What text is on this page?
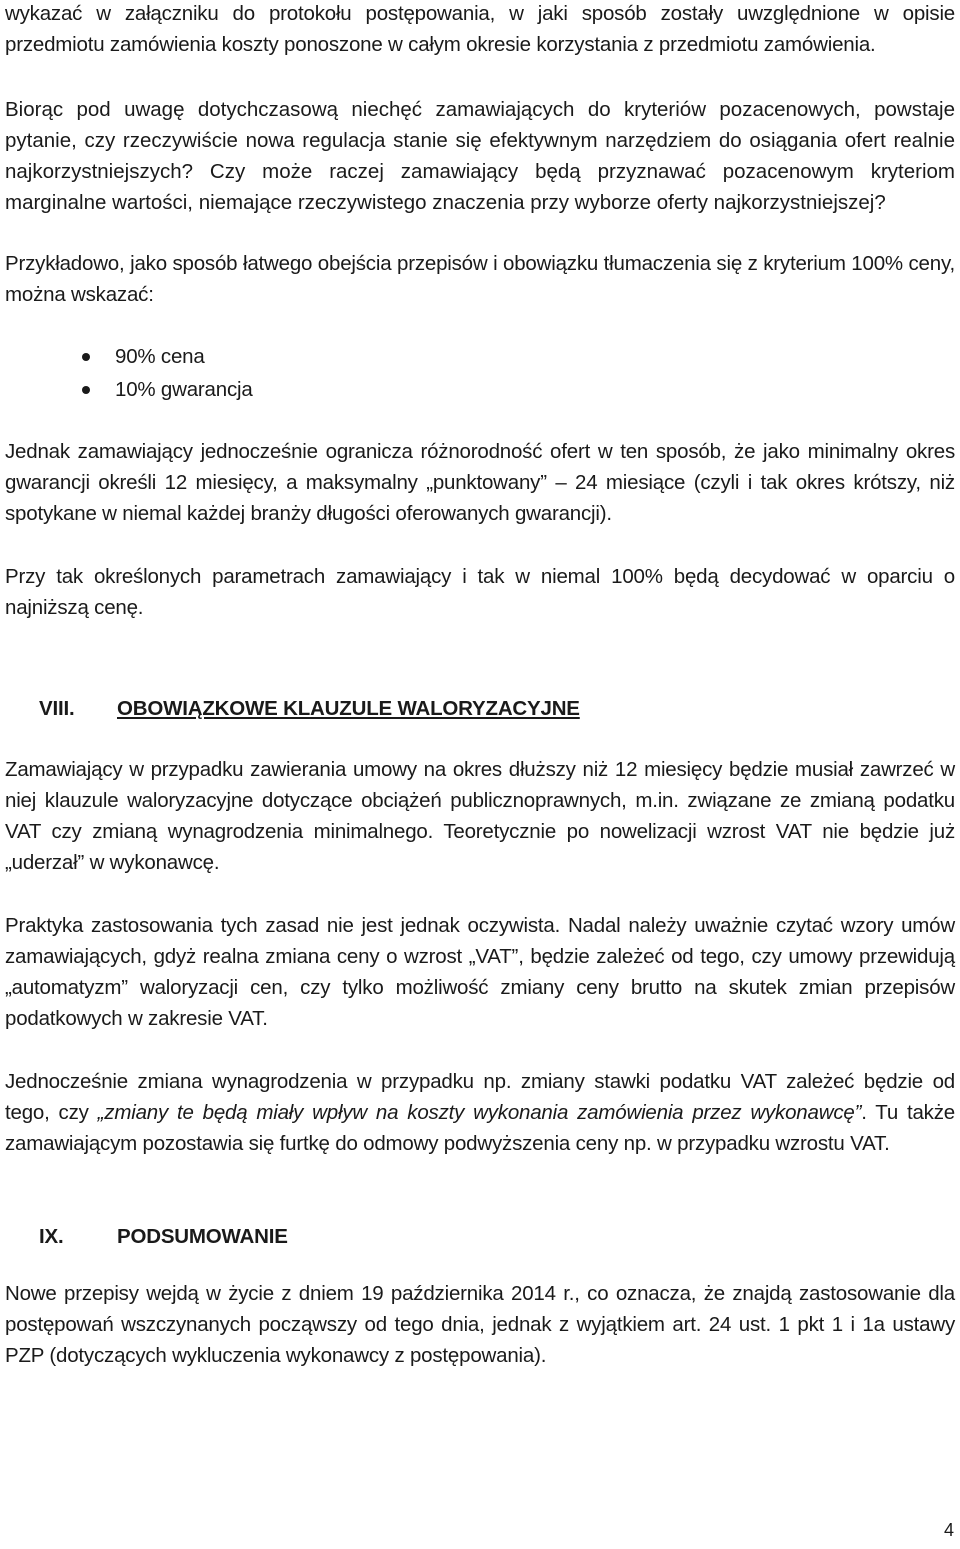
wykazać w załączniku do protokołu postępowania, w jaki sposób zostały uwzględnione w opisie przedmiotu zamówienia koszty ponoszone w całym okresie korzystania z przedmiotu zamówienia.

Biorąc pod uwagę dotychczasową niechęć zamawiających do kryteriów pozacenowych, powstaje pytanie, czy rzeczywiście nowa regulacja stanie się efektywnym narzędziem do osiągania ofert realnie najkorzystniejszych? Czy może raczej zamawiający będą przyznawać pozacenowym kryteriom marginalne wartości, niemające rzeczywistego znaczenia przy wyborze oferty najkorzystniejszej?

Przykładowo, jako sposób łatwego obejścia przepisów i obowiązku tłumaczenia się z kryterium 100% ceny, można wskazać:

90% cena
10% gwarancja

Jednak zamawiający jednocześnie ogranicza różnorodność ofert w ten sposób, że jako minimalny okres gwarancji określi 12 miesięcy, a maksymalny „punktowany” – 24 miesiące (czyli i tak okres krótszy, niż spotykane w niemal każdej branży długości oferowanych gwarancji).

Przy tak określonych parametrach zamawiający i tak w niemal 100% będą decydować w oparciu o najniższą cenę.

VIII.	OBOWIĄZKOWE KLAUZULE WALORYZACYJNE

Zamawiający w przypadku zawierania umowy na okres dłuższy niż 12 miesięcy będzie musiał zawrzeć w niej klauzule waloryzacyjne dotyczące obciążeń publicznoprawnych, m.in. związane ze zmianą podatku VAT czy zmianą wynagrodzenia minimalnego. Teoretycznie po nowelizacji wzrost VAT nie będzie już „uderzał” w wykonawcę.

Praktyka zastosowania tych zasad nie jest jednak oczywista. Nadal należy uważnie czytać wzory umów zamawiających, gdyż realna zmiana ceny o wzrost „VAT”, będzie zależeć od tego, czy umowy przewidują „automatyzm” waloryzacji cen, czy tylko możliwość zmiany ceny brutto na skutek zmian przepisów podatkowych w zakresie VAT.

Jednocześnie zmiana wynagrodzenia w przypadku np. zmiany stawki podatku VAT zależeć będzie od tego, czy „zmiany te będą miały wpływ na koszty wykonania zamówienia przez wykonawcę”. Tu także zamawiającym pozostawia się furtkę do odmowy podwyższenia ceny np. w przypadku wzrostu VAT.

IX.	PODSUMOWANIE

Nowe przepisy wejdą w życie z dniem 19 października 2014 r., co oznacza, że znajdą zastosowanie dla postępowań wszczynanych począwszy od tego dnia, jednak z wyjątkiem art. 24 ust. 1 pkt 1 i 1a ustawy PZP (dotyczących wykluczenia wykonawcy z postępowania).

4
